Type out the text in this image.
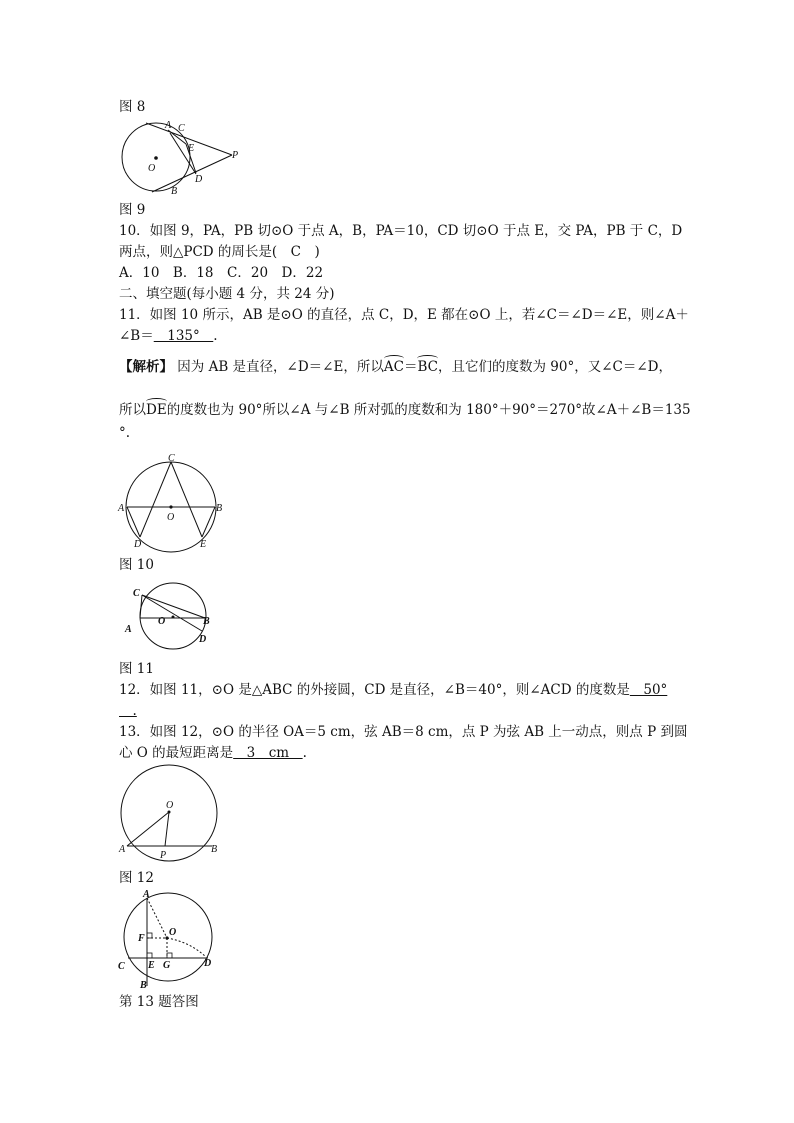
图 8
A C
E
P
O
D
B
图 9
10．如图 9，PA，PB 切⊙O 于点 A，B，PA＝10，CD 切⊙O 于点 E，交 PA，PB 于 C，D
两点，则△PCD 的周长是(　C　)
A．10　B．18　C．20　D．22
二、填空题(每小题 4 分，共 24 分)
11．如图 10 所示，AB 是⊙O 的直径，点 C，D，E 都在⊙O 上，若∠C＝∠D＝∠E，则∠A＋
∠B＝　135°　.
【解析】 因为 AB 是直径，∠D＝∠E，所以AC＝BC，且它们的度数为 90°，又∠C＝∠D，
所以DE的度数也为 90°所以∠A 与∠B 所对弧的度数和为 180°＋90°＝270°故∠A＋∠B＝135
°.
C
A
O
B
D	E
图 10
C
A
O	B
D
图 11
12．如图 11，⊙O 是△ABC 的外接圆，CD 是直径，∠B＝40°，则∠ACD 的度数是　50°
　.
13．如图 12，⊙O 的半径 OA＝5 cm，弦 AB＝8 cm，点 P 为弦 AB 上一动点，则点 P 到圆
心 O 的最短距离是　3　cm　.
O
A
P
B
图 12
A
F
O
C E G	D
B
第 13 题答图
